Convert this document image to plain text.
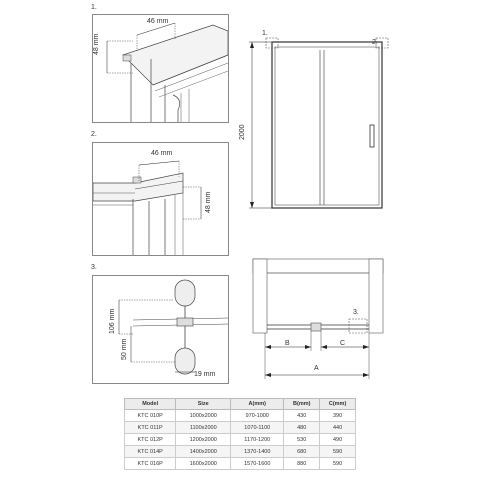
1.
46 mm
48 mm
2.
46 mm
48 mm
3.
106 mm
50 mm
19 mm
2000
1.
2.
3.
B	C
A
Model	Size	A(mm)	B(mm)	C(mm)
KTC 010P	1000x2000	970-1000	430	390
KTC 011P	1100x2000	1070-1100	480	440
KTC 012P	1200x2000	1170-1200	530	490
KTC 014P	1400x2000	1370-1400	680	590
KTC 016P	1600x2000	1570-1600	880	590
